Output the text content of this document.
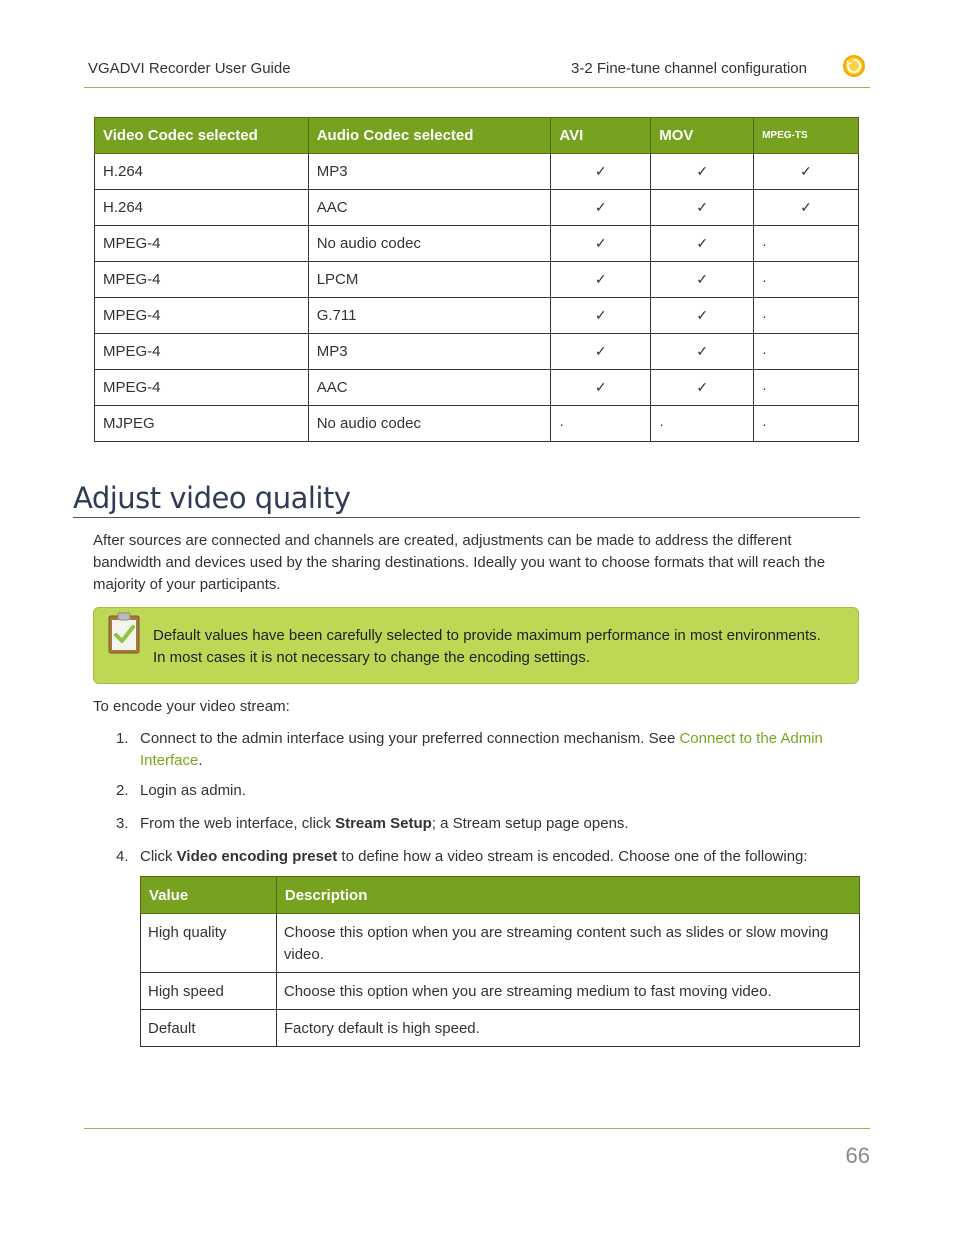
VGADVI Recorder User Guide	3-2 Fine-tune channel configuration
Video Codec selected	Audio Codec selected	AVI	MOV	MPEG-TS
H.264	MP3	✓	✓	✓
H.264	AAC	✓	✓	✓
MPEG-4	No audio codec	✓	✓	·
MPEG-4	LPCM	✓	✓	·
MPEG-4	G.711	✓	✓	·
MPEG-4	MP3	✓	✓	·
MPEG-4	AAC	✓	✓	·
MJPEG	No audio codec	·	·	·
Adjust video quality
After sources are connected and channels are created, adjustments can be made to address the different bandwidth and devices used by the sharing destinations. Ideally you want to choose formats that will reach the majority of your participants.
Default values have been carefully selected to provide maximum performance in most environments. In most cases it is not necessary to change the encoding settings.
To encode your video stream:
1. Connect to the admin interface using your preferred connection mechanism. See Connect to the Admin Interface.
2. Login as admin.
3. From the web interface, click Stream Setup; a Stream setup page opens.
4. Click Video encoding preset to define how a video stream is encoded. Choose one of the following:
Value	Description
High quality	Choose this option when you are streaming content such as slides or slow moving video.
High speed	Choose this option when you are streaming medium to fast moving video.
Default	Factory default is high speed.
66
